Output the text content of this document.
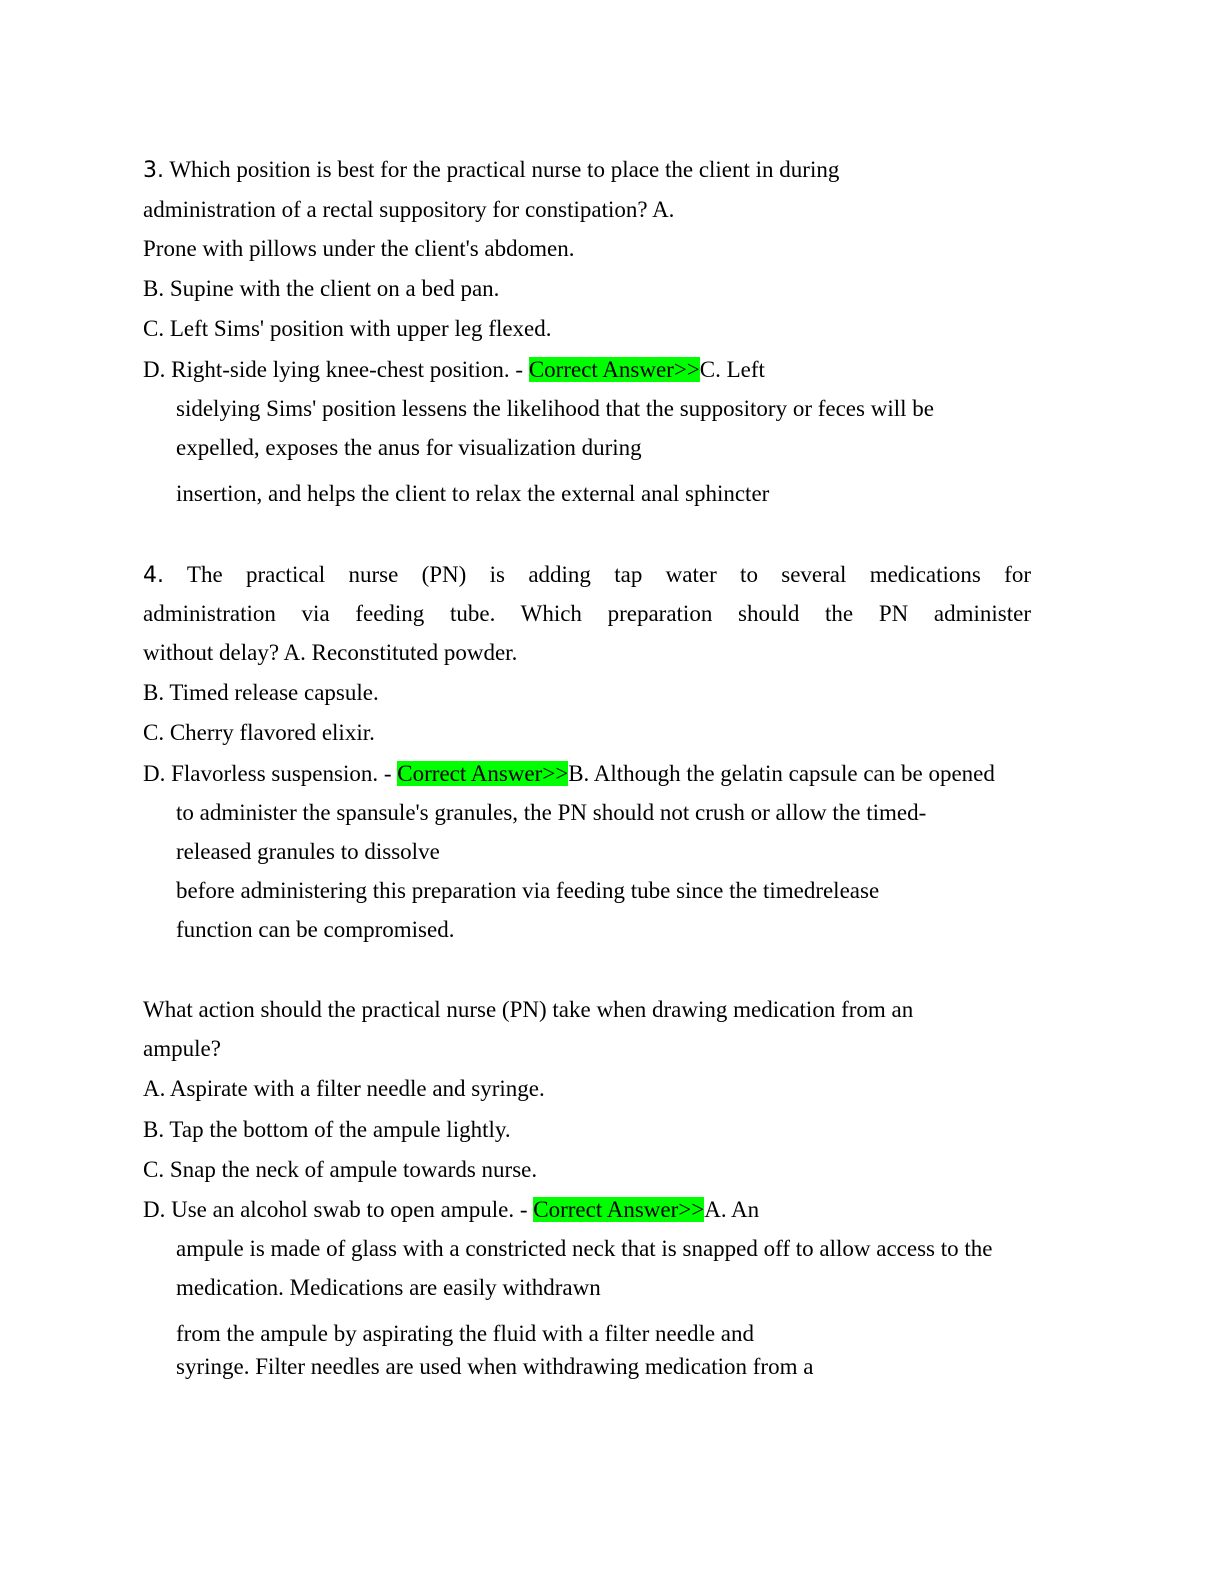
3. Which position is best for the practical nurse to place the client in during
administration of a rectal suppository for constipation? A.
Prone with pillows under the client's abdomen.
B. Supine with the client on a bed pan.
C. Left Sims' position with upper leg flexed.
D. Right-side lying knee-chest position. - Correct Answer>>C. Left
sidelying Sims' position lessens the likelihood that the suppository or feces will be
expelled, exposes the anus for visualization during
insertion, and helps the client to relax the external anal sphincter
4. The practical nurse (PN) is adding tap water to several medications for
administration via feeding tube. Which preparation should the PN administer
without delay? A. Reconstituted powder.
B. Timed release capsule.
C. Cherry flavored elixir.
D. Flavorless suspension. - Correct Answer>>B. Although the gelatin capsule can be opened
to administer the spansule's granules, the PN should not crush or allow the timed-
released granules to dissolve
before administering this preparation via feeding tube since the timedrelease
function can be compromised.
What action should the practical nurse (PN) take when drawing medication from an
ampule?
A. Aspirate with a filter needle and syringe.
B. Tap the bottom of the ampule lightly.
C. Snap the neck of ampule towards nurse.
D. Use an alcohol swab to open ampule. - Correct Answer>>A. An
ampule is made of glass with a constricted neck that is snapped off to allow access to the
medication. Medications are easily withdrawn
from the ampule by aspirating the fluid with a filter needle and
syringe. Filter needles are used when withdrawing medication from a
